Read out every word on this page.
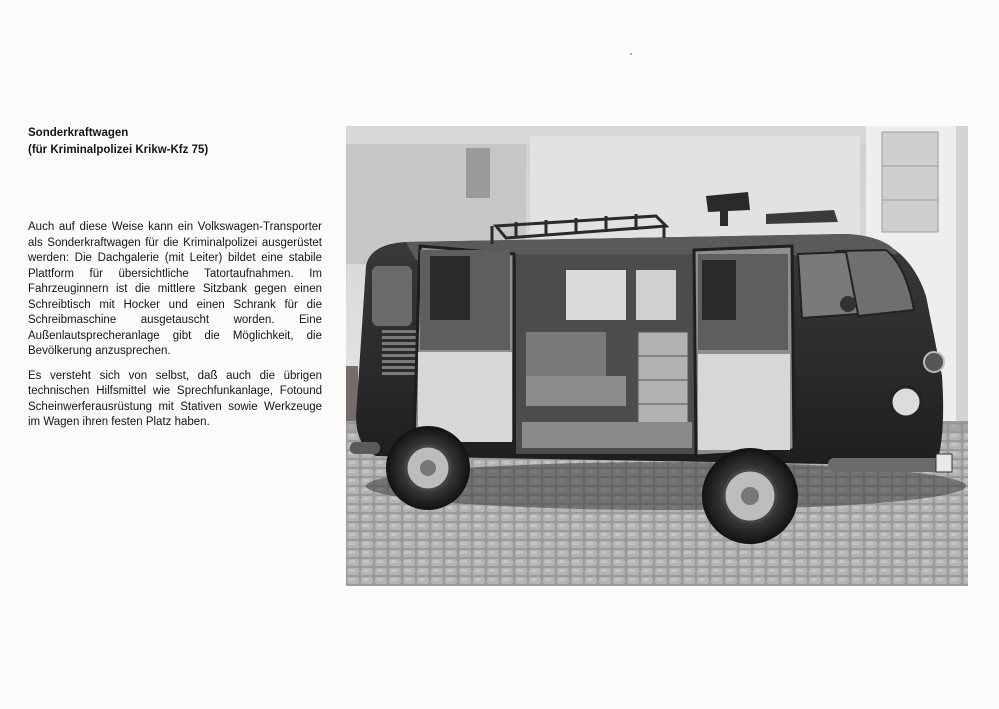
Sonderkraftwagen
(für Kriminalpolizei Krikw-Kfz 75)

Auch auf diese Weise kann ein Volkswagen-Transporter als Sonderkraftwagen für die Kriminalpolizei ausgerüstet werden: Die Dachgalerie (mit Leiter) bildet eine stabile Plattform für übersichtliche Tatortaufnahmen. Im Fahrzeuginnern ist die mittlere Sitzbank gegen einen Schreibtisch mit Hocker und einen Schrank für die Schreibmaschine ausgetauscht worden. Eine Außenlautsprecheranlage gibt die Möglichkeit, die Bevölkerung anzusprechen.

Es versteht sich von selbst, daß auch die übrigen technischen Hilfsmittel wie Sprechfunkanlage, Fotound Scheinwerferausrüstung mit Stativen sowie Werkzeuge im Wagen ihren festen Platz haben.
